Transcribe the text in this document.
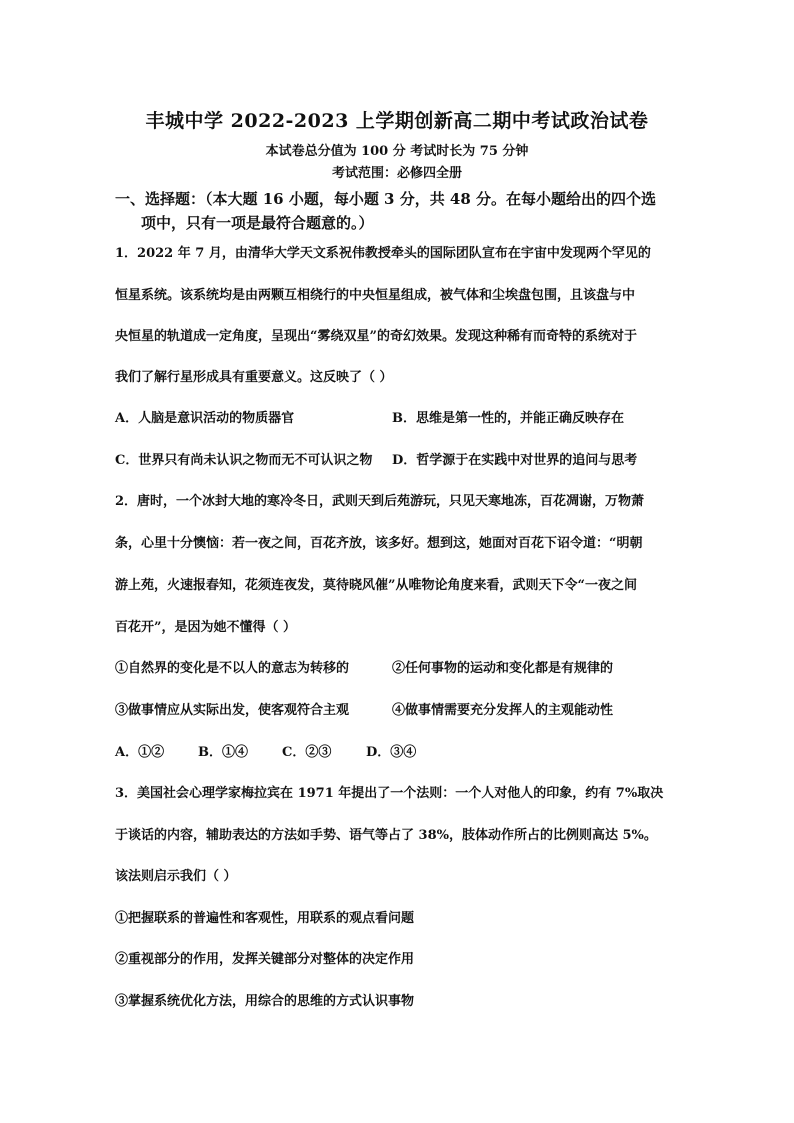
丰城中学 2022-2023 上学期创新高二期中考试政治试卷
本试卷总分值为 100 分 考试时长为 75 分钟
考试范围：必修四全册
一、选择题：（本大题 16 小题，每小题 3 分，共 48 分。在每小题给出的四个选
项中，只有一项是最符合题意的。）
1．2022 年 7 月，由清华大学天文系祝伟教授牵头的国际团队宣布在宇宙中发现两个罕见的
恒星系统。该系统均是由两颗互相绕行的中央恒星组成，被气体和尘埃盘包围，且该盘与中
央恒星的轨道成一定角度，呈现出“雾绕双星”的奇幻效果。发现这种稀有而奇特的系统对于
我们了解行星形成具有重要意义。这反映了（ ）
A．人脑是意识活动的物质器官	B．思维是第一性的，并能正确反映存在
C．世界只有尚未认识之物而无不可认识之物 D．哲学源于在实践中对世界的追问与思考
2．唐时，一个冰封大地的寒冷冬日，武则天到后苑游玩，只见天寒地冻，百花凋谢，万物萧
条，心里十分懊恼：若一夜之间，百花齐放，该多好。想到这，她面对百花下诏令道：“明朝
游上苑，火速报春知，花须连夜发，莫待晓风催”从唯物论角度来看，武则天下令“一夜之间
百花开”，是因为她不懂得（ ）
①自然界的变化是不以人的意志为转移的	②任何事物的运动和变化都是有规律的
③做事情应从实际出发，使客观符合主观	④做事情需要充分发挥人的主观能动性
A．①②	B．①④	C．②③	D．③④
3．美国社会心理学家梅拉宾在 1971 年提出了一个法则：一个人对他人的印象，约有 7%取决
于谈话的内容，辅助表达的方法如手势、语气等占了 38%，肢体动作所占的比例则高达 5%。
该法则启示我们（ ）
①把握联系的普遍性和客观性，用联系的观点看问题
②重视部分的作用，发挥关键部分对整体的决定作用
③掌握系统优化方法，用综合的思维的方式认识事物
